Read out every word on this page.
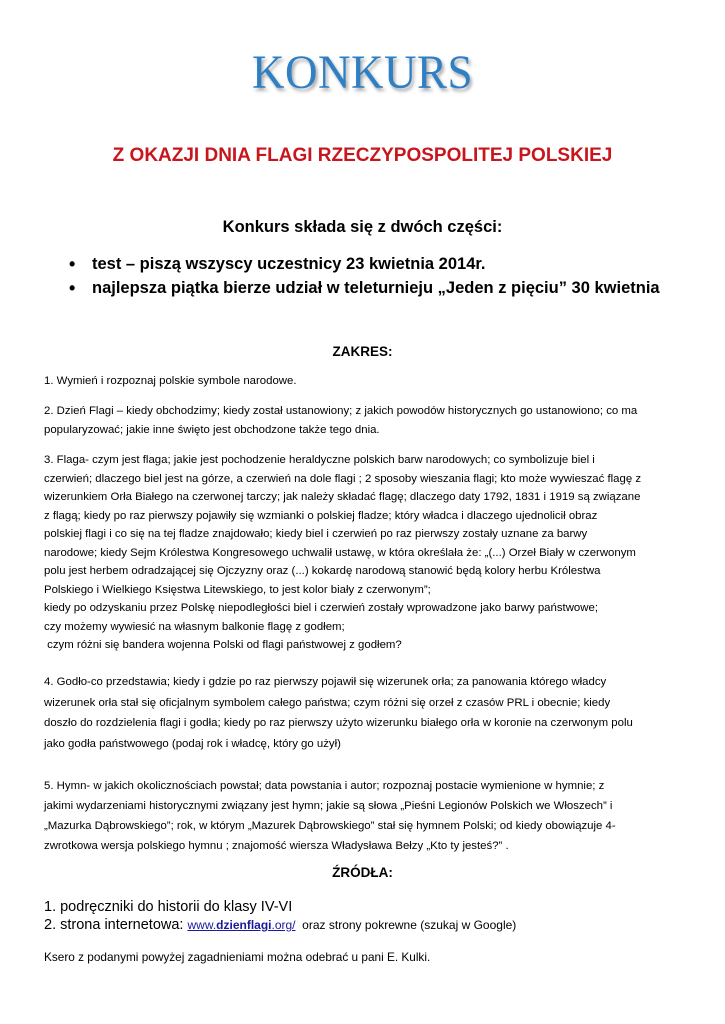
KONKURS
Z OKAZJI DNIA FLAGI RZECZYPOSPOLITEJ POLSKIEJ
Konkurs składa się z dwóch części:
• test – piszą wszyscy uczestnicy 23 kwietnia 2014r.
• najlepsza piątka bierze udział w teleturnieju „Jeden z pięciu” 30 kwietnia
ZAKRES:
1. Wymień i rozpoznaj polskie symbole narodowe.
2. Dzień Flagi – kiedy obchodzimy; kiedy został ustanowiony; z jakich powodów historycznych go ustanowiono; co ma
popularyzować; jakie inne święto jest obchodzone także tego dnia.
3. Flaga- czym jest flaga; jakie jest pochodzenie heraldyczne polskich barw narodowych; co symbolizuje biel i
czerwień; dlaczego biel jest na górze, a czerwień na dole flagi ; 2 sposoby wieszania flagi; kto może wywieszać flagę z
wizerunkiem Orła Białego na czerwonej tarczy; jak należy składać flagę; dlaczego daty 1792, 1831 i 1919 są związane
z flagą; kiedy po raz pierwszy pojawiły się wzmianki o polskiej fladze; który władca i dlaczego ujednolicił obraz
polskiej flagi i co się na tej fladze znajdowało; kiedy biel i czerwień po raz pierwszy zostały uznane za barwy
narodowe; kiedy Sejm Królestwa Kongresowego uchwalił ustawę, w która określała że: „(...) Orzeł Biały w czerwonym
polu jest herbem odradzającej się Ojczyzny oraz (...) kokardę narodową stanowić będą kolory herbu Królestwa
Polskiego i Wielkiego Księstwa Litewskiego, to jest kolor biały z czerwonym”;
kiedy po odzyskaniu przez Polskę niepodległości biel i czerwień zostały wprowadzone jako barwy państwowe;
czy możemy wywiesić na własnym balkonie flagę z godłem;
czym różni się bandera wojenna Polski od flagi państwowej z godłem?
4. Godło-co przedstawia; kiedy i gdzie po raz pierwszy pojawił się wizerunek orła; za panowania którego władcy
wizerunek orła stał się oficjalnym symbolem całego państwa; czym różni się orzeł z czasów PRL i obecnie; kiedy
doszło do rozdzielenia flagi i godła; kiedy po raz pierwszy użyto wizerunku białego orła w koronie na czerwonym polu
jako godła państwowego (podaj rok i władcę, który go użył)
5. Hymn- w jakich okolicznościach powstał; data powstania i autor; rozpoznaj postacie wymienione w hymnie; z
jakimi wydarzeniami historycznymi związany jest hymn; jakie są słowa „Pieśni Legionów Polskich we Włoszech” i
„Mazurka Dąbrowskiego”; rok, w którym „Mazurek Dąbrowskiego” stał się hymnem Polski; od kiedy obowiązuje 4-
zwrotkowa wersja polskiego hymnu ; znajomość wiersza Władysława Bełzy „Kto ty jesteś?” .
ŹRÓDŁA:
1. podręczniki do historii do klasy IV-VI
2. strona internetowa: www.dzienflagi.org/  oraz strony pokrewne (szukaj w Google)
Ksero z podanymi powyżej zagadnieniami można odebrać u pani E. Kulki.
